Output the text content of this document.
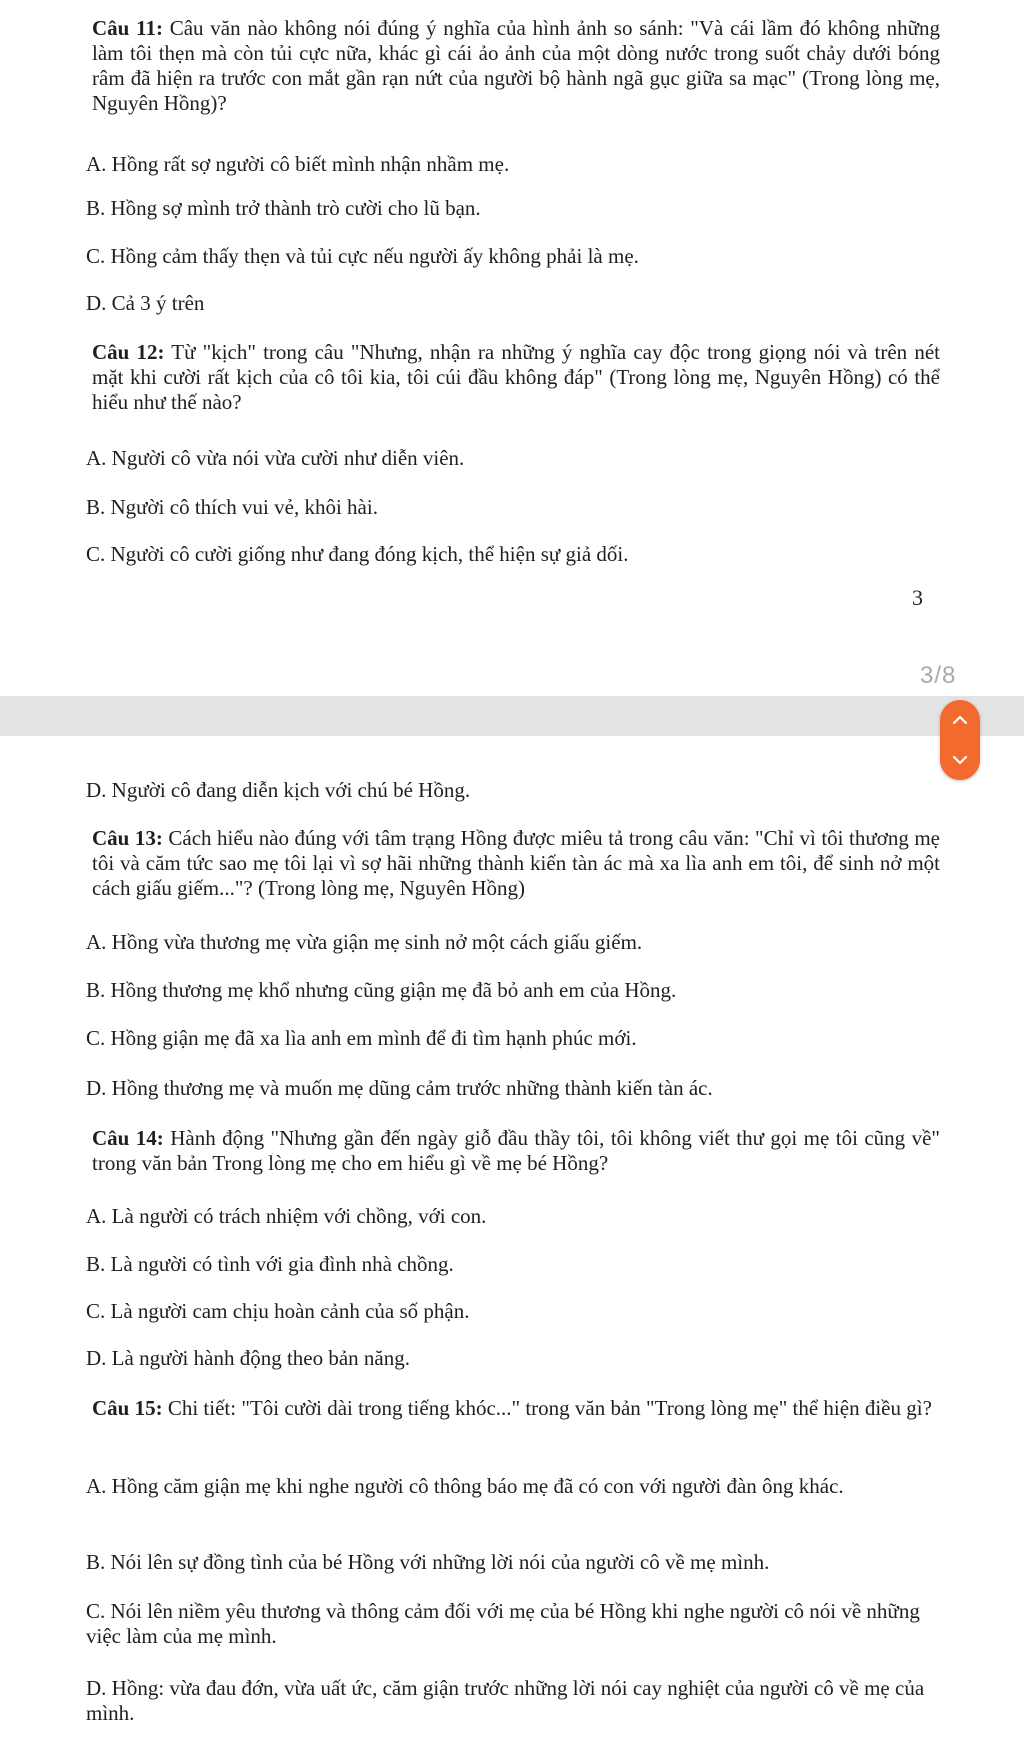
Câu 11: Câu văn nào không nói đúng ý nghĩa của hình ảnh so sánh: "Và cái lầm đó không những làm tôi thẹn mà còn tủi cực nữa, khác gì cái ảo ảnh của một dòng nước trong suốt chảy dưới bóng râm đã hiện ra trước con mắt gần rạn nứt của người bộ hành ngã gục giữa sa mạc" (Trong lòng mẹ, Nguyên Hồng)?

A. Hồng rất sợ người cô biết mình nhận nhầm mẹ.

B. Hồng sợ mình trở thành trò cười cho lũ bạn.

C. Hồng cảm thấy thẹn và tủi cực nếu người ấy không phải là mẹ.

D. Cả 3 ý trên

Câu 12: Từ "kịch" trong câu "Nhưng, nhận ra những ý nghĩa cay độc trong giọng nói và trên nét mặt khi cười rất kịch của cô tôi kia, tôi cúi đầu không đáp" (Trong lòng mẹ, Nguyên Hồng) có thể hiểu như thế nào?

A. Người cô vừa nói vừa cười như diễn viên.

B. Người cô thích vui vẻ, khôi hài.

C. Người cô cười giống như đang đóng kịch, thể hiện sự giả dối.

3

D. Người cô đang diễn kịch với chú bé Hồng.

Câu 13: Cách hiểu nào đúng với tâm trạng Hồng được miêu tả trong câu văn: "Chỉ vì tôi thương mẹ tôi và căm tức sao mẹ tôi lại vì sợ hãi những thành kiến tàn ác mà xa lìa anh em tôi, để sinh nở một cách giấu giếm..."? (Trong lòng mẹ, Nguyên Hồng)

A. Hồng vừa thương mẹ vừa giận mẹ sinh nở một cách giấu giếm.

B. Hồng thương mẹ khổ nhưng cũng giận mẹ đã bỏ anh em của Hồng.

C. Hồng giận mẹ đã xa lìa anh em mình để đi tìm hạnh phúc mới.

D. Hồng thương mẹ và muốn mẹ dũng cảm trước những thành kiến tàn ác.

Câu 14: Hành động "Nhưng gần đến ngày giỗ đầu thầy tôi, tôi không viết thư gọi mẹ tôi cũng về" trong văn bản Trong lòng mẹ cho em hiểu gì về mẹ bé Hồng?

A. Là người có trách nhiệm với chồng, với con.

B. Là người có tình với gia đình nhà chồng.

C. Là người cam chịu hoàn cảnh của số phận.

D. Là người hành động theo bản năng.

Câu 15: Chi tiết: "Tôi cười dài trong tiếng khóc..." trong văn bản "Trong lòng mẹ" thể hiện điều gì?

A. Hồng căm giận mẹ khi nghe người cô thông báo mẹ đã có con với người đàn ông khác.

B. Nói lên sự đồng tình của bé Hồng với những lời nói của người cô về mẹ mình.

C. Nói lên niềm yêu thương và thông cảm đối với mẹ của bé Hồng khi nghe người cô nói về những việc làm của mẹ mình.

D. Hồng: vừa đau đớn, vừa uất ức, căm giận trước những lời nói cay nghiệt của người cô về mẹ của mình.

3/8
